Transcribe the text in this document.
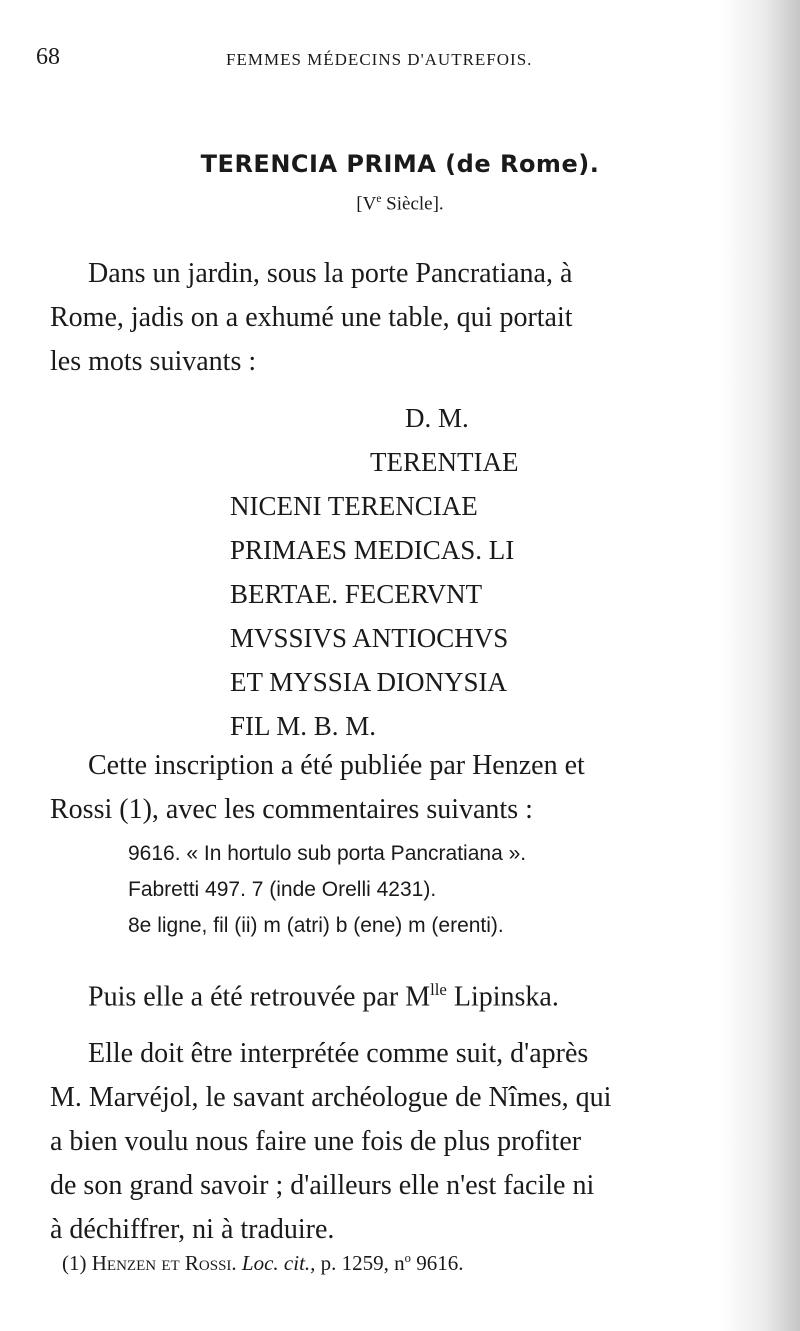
68	FEMMES MÉDECINS D'AUTREFOIS.
TERENCIA PRIMA (de Rome).
[Ve Siècle].
Dans un jardin, sous la porte Pancratiana, à
Rome, jadis on a exhumé une table, qui portait
les mots suivants :
D. M.
TERENTIAE
NICENI TERENCIAE
PRIMAES MEDICAS. LI
BERTAE. FECERVNT
MVSSIVS ANTIOCHVS
ET MYSSIA DIONYSIA
FIL M. B. M.
Cette inscription a été publiée par Henzen et
Rossi (1), avec les commentaires suivants :
9616. « In hortulo sub porta Pancratiana ».
Fabretti 497. 7 (inde Orelli 4231).
8e ligne, fil (ii) m (atri) b (ene) m (erenti).
Puis elle a été retrouvée par $M^{lle}$ Lipinska.
Elle doit être interprétée comme suit, d'après
M. Marvéjol, le savant archéologue de Nîmes, qui
a bien voulu nous faire une fois de plus profiter
de son grand savoir ; d'ailleurs elle n'est facile ni
à déchiffrer, ni à traduire.
(1) Henzen et Rossi. Loc. cit., p. 1259, $n^o$ 9616.
